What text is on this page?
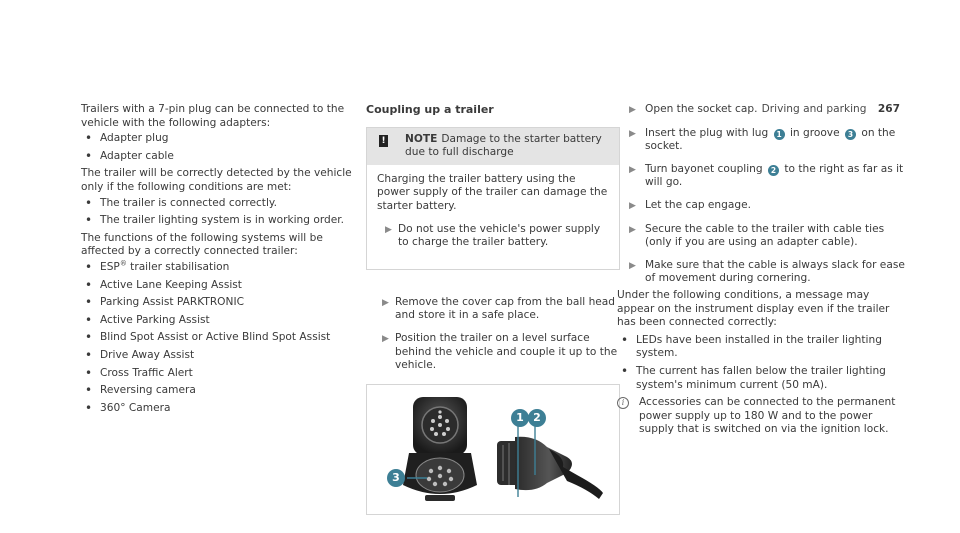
Driving and parking 267

Trailers with a 7-pin plug can be connected to the vehicle with the following adapters:

• Adapter plug
• Adapter cable

The trailer will be correctly detected by the vehicle only if the following conditions are met:

• The trailer is connected correctly.
• The trailer lighting system is in working order.

The functions of the following systems will be affected by a correctly connected trailer:

• ESP® trailer stabilisation
• Active Lane Keeping Assist
• Parking Assist PARKTRONIC
• Active Parking Assist
• Blind Spot Assist or Active Blind Spot Assist
• Drive Away Assist
• Cross Traffic Alert
• Reversing camera
• 360° Camera
Coupling up a trailer
! NOTE Damage to the starter battery due to full discharge

Charging the trailer battery using the power supply of the trailer can damage the starter battery.

▶ Do not use the vehicle's power supply to charge the trailer battery.
▶ Remove the cover cap from the ball head and store it in a safe place.
▶ Position the trailer on a level surface behind the vehicle and couple it up to the vehicle.
1 2
3
▶ Open the socket cap.
▶ Insert the plug with lug 1 in groove 3 on the socket.
▶ Turn bayonet coupling 2 to the right as far as it will go.
▶ Let the cap engage.
▶ Secure the cable to the trailer with cable ties (only if you are using an adapter cable).
▶ Make sure that the cable is always slack for ease of movement during cornering.

Under the following conditions, a message may appear on the instrument display even if the trailer has been connected correctly:

• LEDs have been installed in the trailer lighting system.
• The current has fallen below the trailer lighting system's minimum current (50 mA).
i	Accessories can be connected to the permanent power supply up to 180 W and to the power supply that is switched on via the ignition lock.
